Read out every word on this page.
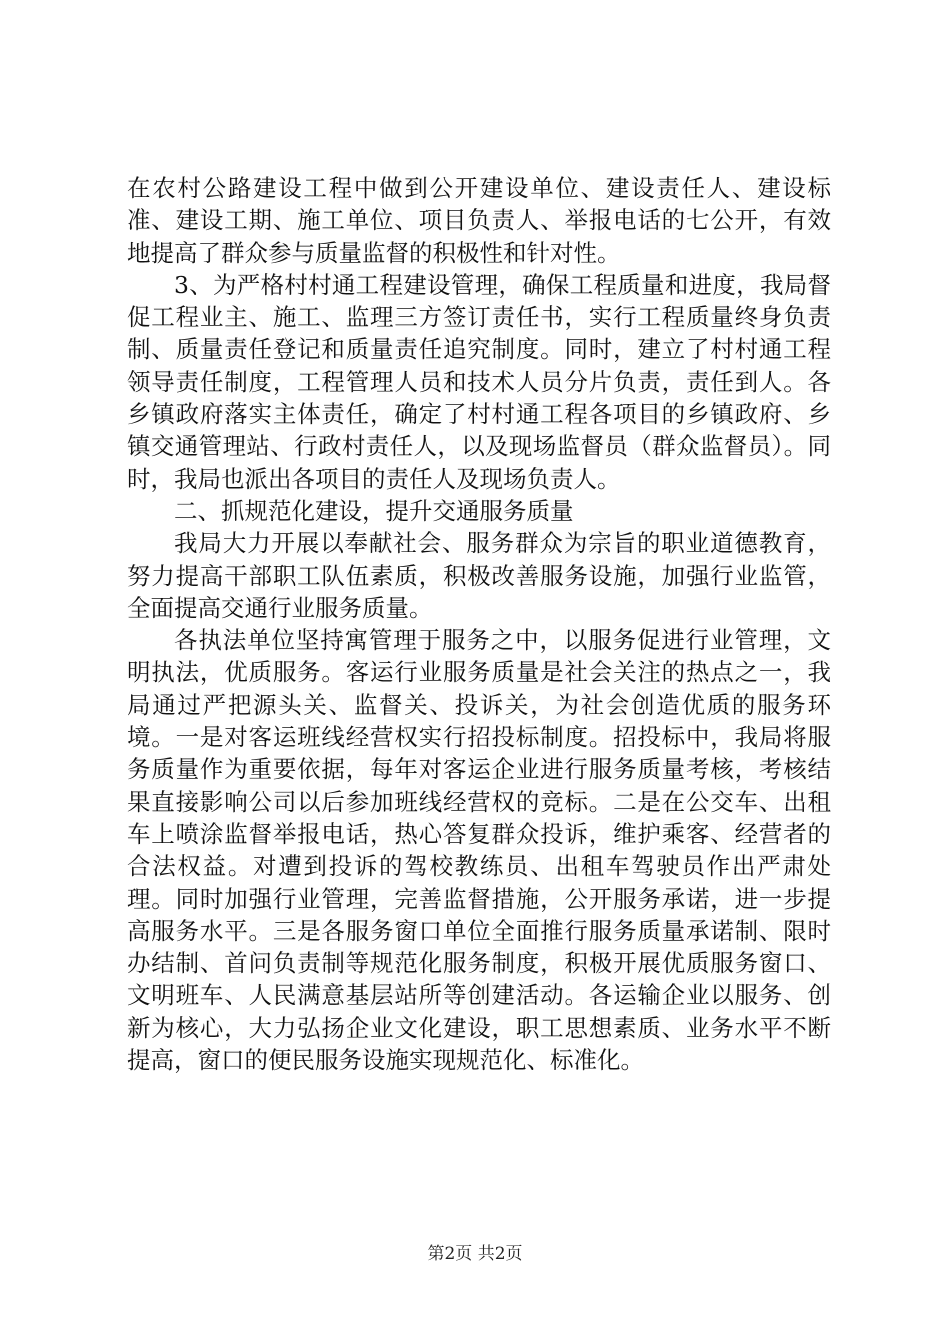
在农村公路建设工程中做到公开建设单位、建设责任人、建设标准、建设工期、施工单位、项目负责人、举报电话的七公开，有效地提高了群众参与质量监督的积极性和针对性。

3、为严格村村通工程建设管理，确保工程质量和进度，我局督促工程业主、施工、监理三方签订责任书，实行工程质量终身负责制、质量责任登记和质量责任追究制度。同时，建立了村村通工程领导责任制度，工程管理人员和技术人员分片负责，责任到人。各乡镇政府落实主体责任，确定了村村通工程各项目的乡镇政府、乡镇交通管理站、行政村责任人，以及现场监督员（群众监督员）。同时，我局也派出各项目的责任人及现场负责人。

二、抓规范化建设，提升交通服务质量

我局大力开展以奉献社会、服务群众为宗旨的职业道德教育，努力提高干部职工队伍素质，积极改善服务设施，加强行业监管，全面提高交通行业服务质量。

各执法单位坚持寓管理于服务之中，以服务促进行业管理，文明执法，优质服务。客运行业服务质量是社会关注的热点之一，我局通过严把源头关、监督关、投诉关，为社会创造优质的服务环境。一是对客运班线经营权实行招投标制度。招投标中，我局将服务质量作为重要依据，每年对客运企业进行服务质量考核，考核结果直接影响公司以后参加班线经营权的竞标。二是在公交车、出租车上喷涂监督举报电话，热心答复群众投诉，维护乘客、经营者的合法权益。对遭到投诉的驾校教练员、出租车驾驶员作出严肃处理。同时加强行业管理，完善监督措施，公开服务承诺，进一步提高服务水平。三是各服务窗口单位全面推行服务质量承诺制、限时办结制、首问负责制等规范化服务制度，积极开展优质服务窗口、文明班车、人民满意基层站所等创建活动。各运输企业以服务、创新为核心，大力弘扬企业文化建设，职工思想素质、业务水平不断提高，窗口的便民服务设施实现规范化、标准化。

第2页 共2页
